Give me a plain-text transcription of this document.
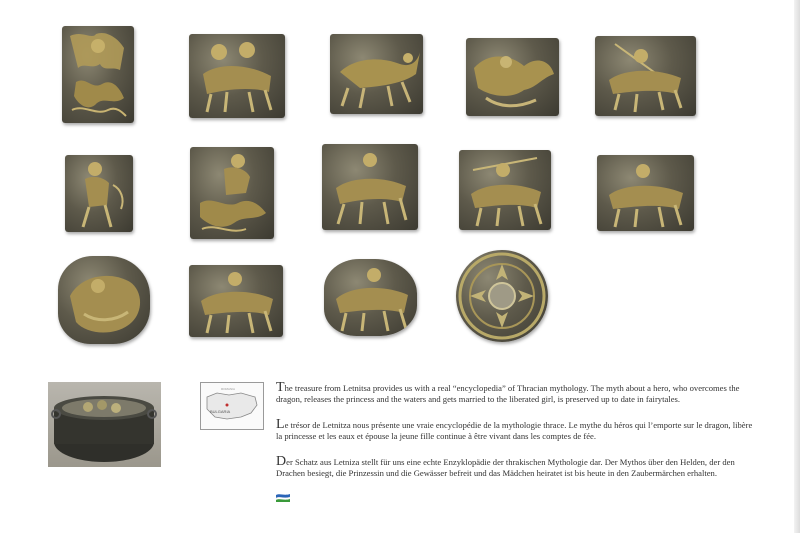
ROMANIA
BULGARIA
The treasure from Letnitsa provides us with a real “encyclopedia” of Thracian mythology. The myth about a hero, who overcomes the dragon, releases the princess and the waters and gets married to the liberated girl, is preserved up to date in fairytales.
Le trésor de Letnitza nous présente une vraie encyclopédie de la mythologie thrace. Le mythe du héros qui l’emporte sur le dragon, libère la princesse et les eaux et épouse la jeune fille continue à être vivant dans les comptes de fée.
Der Schatz aus Letniza stellt für uns eine echte Enzyklopädie der thrakischen Mythologie dar. Der Mythos über den Helden, der den Drachen besiegt, die Prinzessin und die Gewässer befreit und das Mädchen heiratet ist bis heute in den Zaubermärchen erhalten.
